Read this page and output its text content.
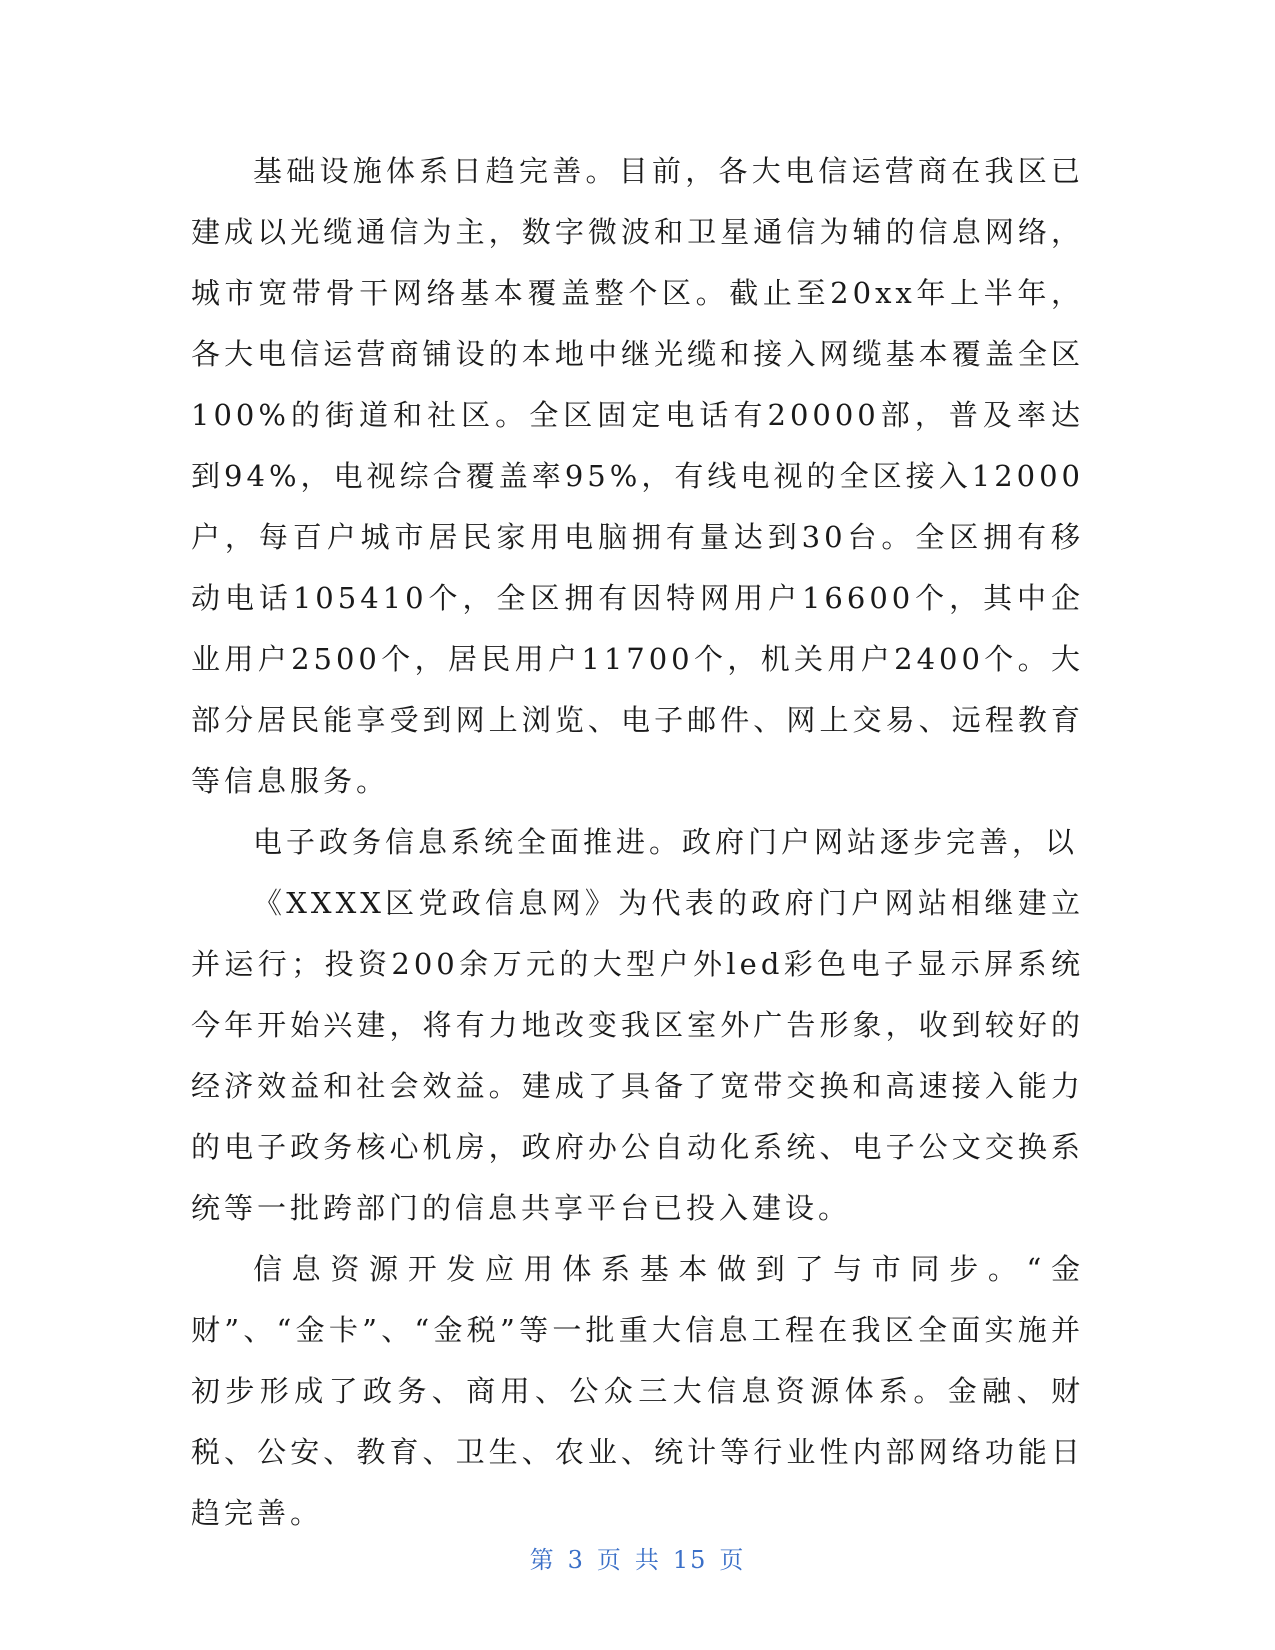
基础设施体系日趋完善。目前，各大电信运营商在我区已建成以光缆通信为主，数字微波和卫星通信为辅的信息网络，城市宽带骨干网络基本覆盖整个区。截止至20xx年上半年，各大电信运营商铺设的本地中继光缆和接入网缆基本覆盖全区100%的街道和社区。全区固定电话有20000部，普及率达到94%，电视综合覆盖率95%，有线电视的全区接入12000户，每百户城市居民家用电脑拥有量达到30台。全区拥有移动电话105410个，全区拥有因特网用户16600个，其中企业用户2500个，居民用户11700个，机关用户2400个。大部分居民能享受到网上浏览、电子邮件、网上交易、远程教育等信息服务。

电子政务信息系统全面推进。政府门户网站逐步完善，以

《XXXX区党政信息网》为代表的政府门户网站相继建立并运行；投资200余万元的大型户外led彩色电子显示屏系统今年开始兴建，将有力地改变我区室外广告形象，收到较好的经济效益和社会效益。建成了具备了宽带交换和高速接入能力的电子政务核心机房，政府办公自动化系统、电子公文交换系统等一批跨部门的信息共享平台已投入建设。

信息资源开发应用体系基本做到了与市同步。“金财”、“金卡”、“金税”等一批重大信息工程在我区全面实施并初步形成了政务、商用、公众三大信息资源体系。金融、财税、公安、教育、卫生、农业、统计等行业性内部网络功能日趋完善。

第 3 页 共 15 页
